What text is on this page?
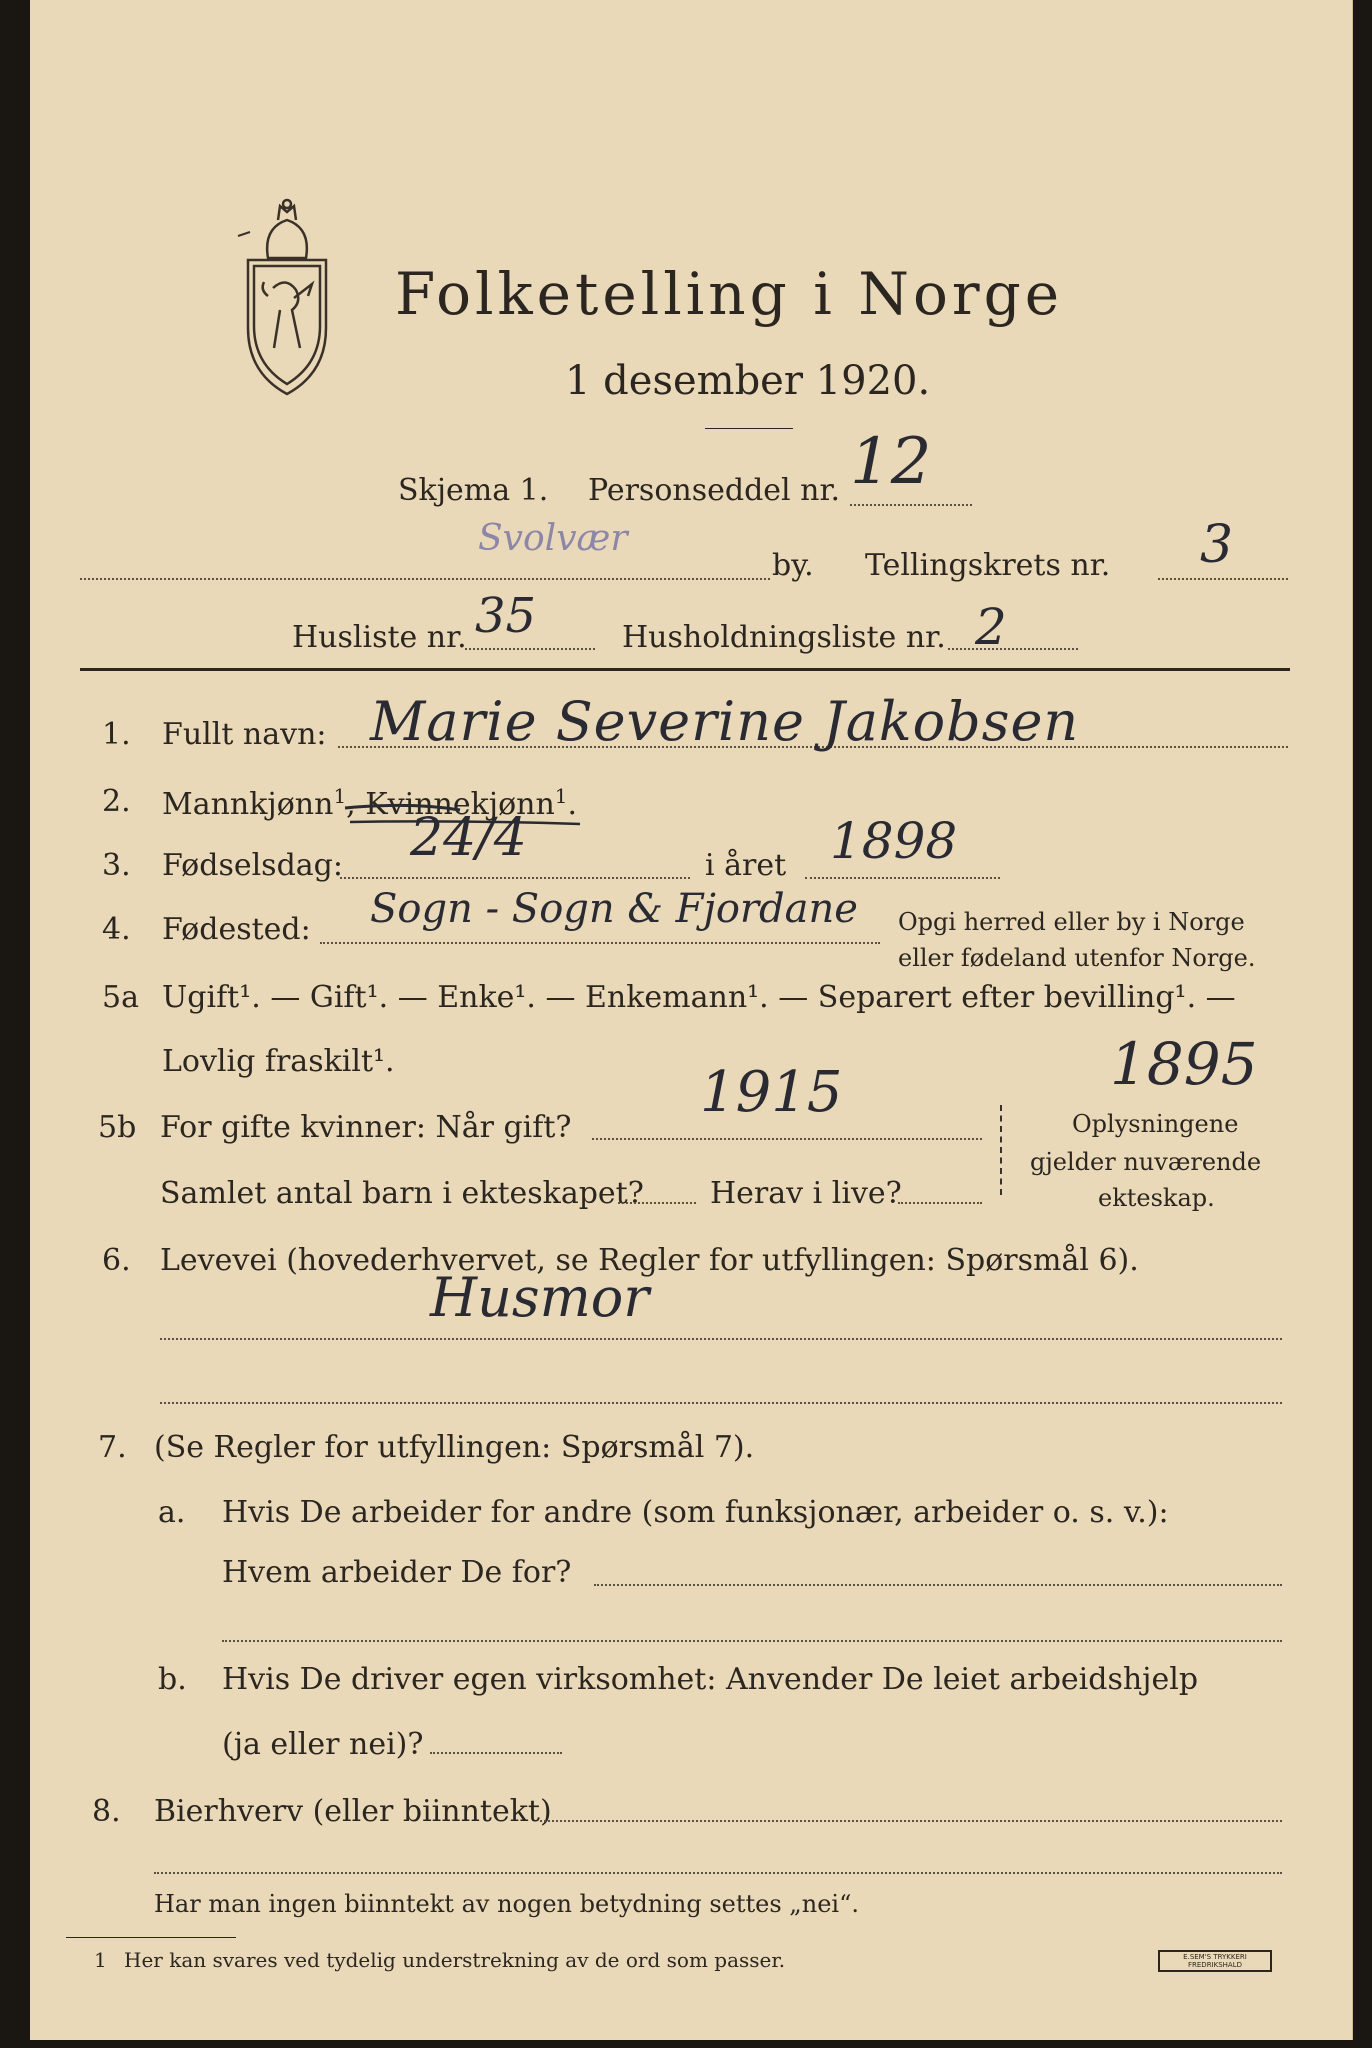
Folketelling i Norge
1 desember 1920.
Skjema 1. Personseddel nr. 12
Svolvær
by. Tellingskrets nr. 3
Husliste nr. 35	Husholdningsliste nr. 2
1. Fullt navn: Marie Severine Jakobsen
2. Mannkjønn$^1$, Kvinnekjønn$^1$.
3. Fødselsdag: 24/4	i året 1898
4. Fødested: Sogn - Sogn & Fjordane Opgi herred eller by i Norge
eller fødeland utenfor Norge.
5a Ugift¹. — Gift¹. — Enke¹. — Enkemann¹. — Separert efter bevilling¹. —
Lovlig fraskilt¹.
5b For gifte kvinner: Når gift?
1915	1895
Samlet antal barn i ekteskapet? Herav i live?
Oplysningene
gjelder nuværende
ekteskap.
6. Levevei (hovederhvervet, se Regler for utfyllingen: Spørsmål 6).
Husmor
7. (Se Regler for utfyllingen: Spørsmål 7).
a. Hvis De arbeider for andre (som funksjonær, arbeider o. s. v.):
Hvem arbeider De for?
b. Hvis De driver egen virksomhet: Anvender De leiet arbeidshjelp
(ja eller nei)?
8. Bierhverv (eller biinntekt)
Har man ingen biinntekt av nogen betydning settes „nei“.
1 Her kan svares ved tydelig understrekning av de ord som passer.	E.SEM'S TRYKKERI
FREDRIKSHALD
